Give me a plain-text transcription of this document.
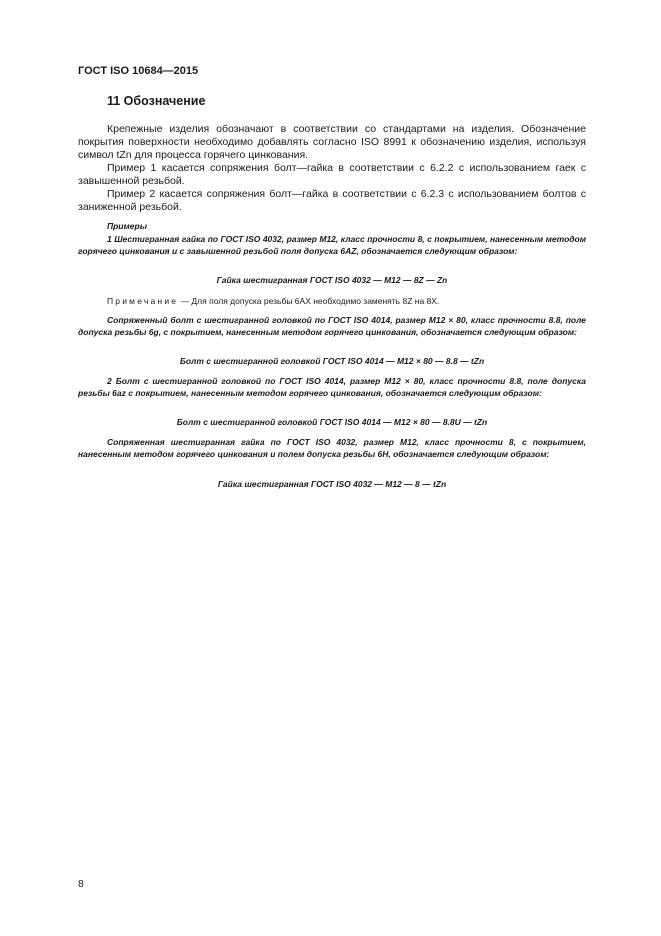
ГОСТ ISO 10684—2015
11 Обозначение

Крепежные изделия обозначают в соответствии со стандартами на изделия. Обозначение покрытия поверхности необходимо добавлять согласно ISO 8991 к обозначению изделия, используя символ tZn для процесса горячего цинкования.

Пример 1 касается сопряжения болт—гайка в соответствии с 6.2.2 с использованием гаек с завышенной резьбой.

Пример 2 касается сопряжения болт—гайка в соответствии с 6.2.3 с использованием болтов с заниженной резьбой.

Примеры

1 Шестигранная гайка по ГОСТ ISO 4032, размер М12, класс прочности 8, с покрытием, нанесенным методом горячего цинкования и с завышенной резьбой поля допуска 6AZ, обозначается следующим образом:

Гайка шестигранная ГОСТ ISO 4032 — М12 — 8Z — Zn
Примечание — Для поля допуска резьбы 6АХ необходимо заменять 8Z на 8Х.

Сопряженный болт с шестигранной головкой по ГОСТ ISO 4014, размер М12 × 80, класс прочности 8.8, поле допуска резьбы 6g, с покрытием, нанесенным методом горячего цинкования, обозначается следующим образом:

Болт с шестигранной головкой ГОСТ ISO 4014 — М12 × 80 — 8.8 — tZn

2 Болт с шестигранной головкой по ГОСТ ISO 4014, размер М12 × 80, класс прочности 8.8, поле допуска резьбы 6az с покрытием, нанесенным методом горячего цинкования, обозначается следующим образом:

Болт с шестигранной головкой ГОСТ ISO 4014 — М12 × 80 — 8.8U — tZn

Сопряженная шестигранная гайка по ГОСТ ISO 4032, размер М12, класс прочности 8, с покрытием, нанесенным методом горячего цинкования и полем допуска резьбы 6Н, обозначается следующим образом:

Гайка шестигранная ГОСТ ISO 4032 — М12 — 8 — tZn
8
